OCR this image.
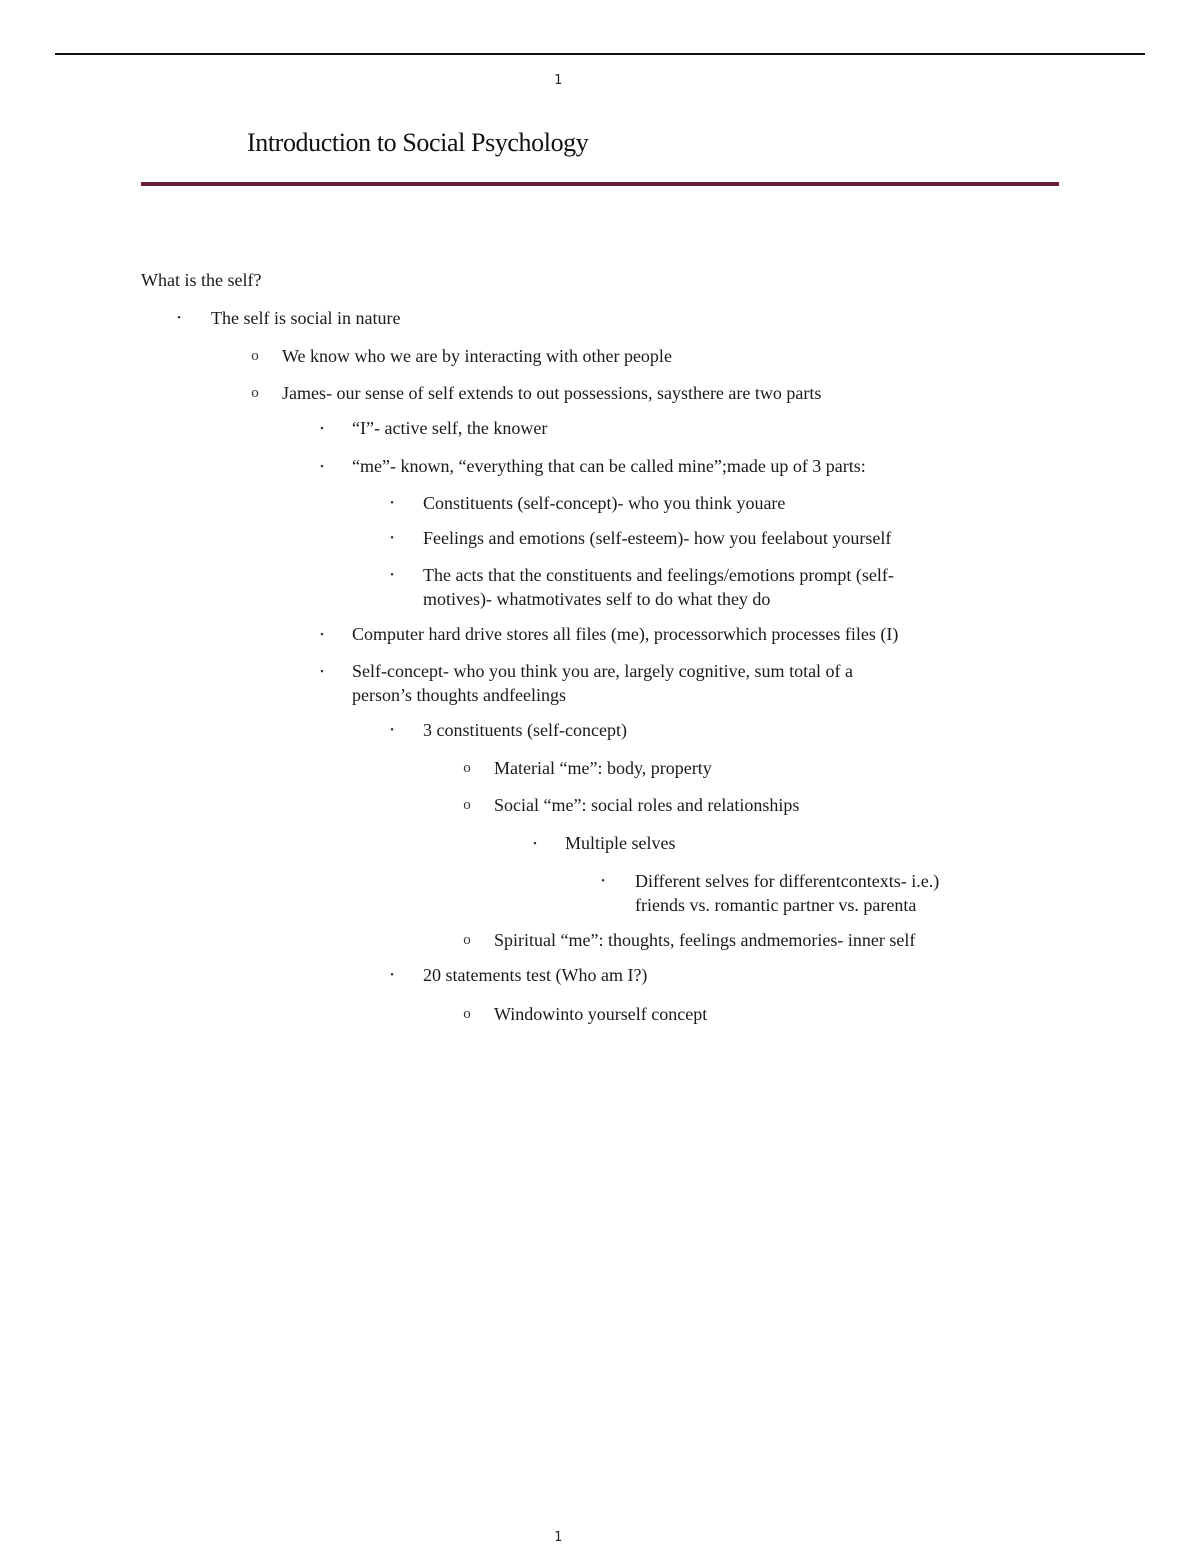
1
Introduction to Social Psychology
What is the self?
•	The self is social in nature
o	We know who we are by interacting with other people
o	James- our sense of self extends to out possessions, saysthere are two parts
▪	“I”- active self, the knower
▪	“me”- known, “everything that can be called mine”;made up of 3 parts:
•	Constituents (self-concept)- who you think youare
•	Feelings and emotions (self-esteem)- how you feelabout yourself
•	The acts that the constituents and feelings/emotions prompt (self-
motives)- whatmotivates self to do what they do
▪	Computer hard drive stores all files (me), processorwhich processes files (I)
▪	Self-concept- who you think you are, largely cognitive, sum total of a
person’s thoughts andfeelings
•	3 constituents (self-concept)
o	Material “me”: body, property
o	Social “me”: social roles and relationships
▪	Multiple selves
•	Different selves for differentcontexts- i.e.)
friends vs. romantic partner vs. parenta
o	Spiritual “me”: thoughts, feelings andmemories- inner self
•	20 statements test (Who am I?)
o	Windowinto yourself concept
1
